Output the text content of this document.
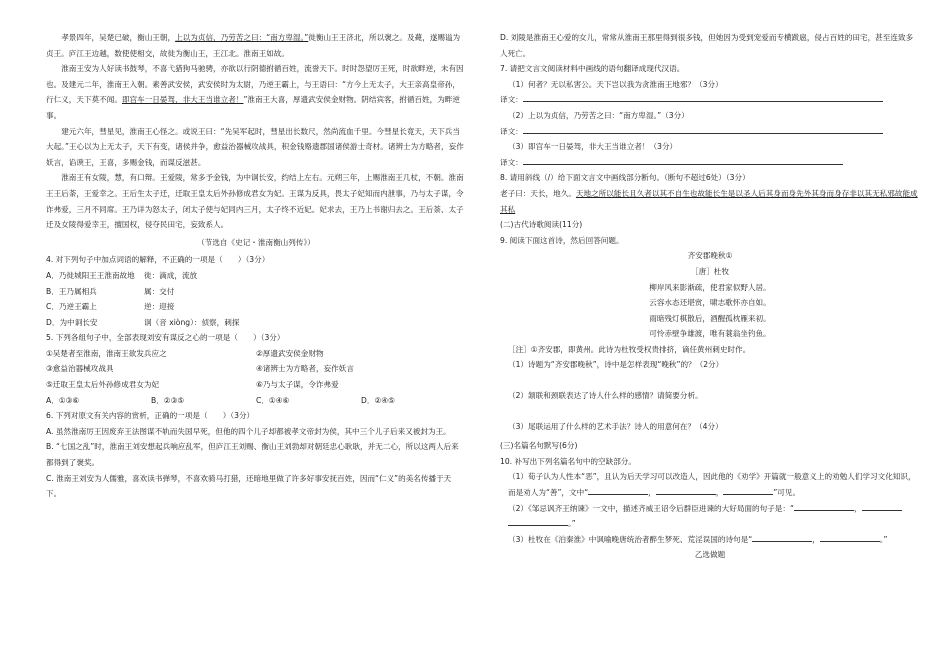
孝景四年，吴楚已破，衡山王朝，上以为贞信，乃劳苦之曰：“南方卑湿。”徙衡山王王济北，所以褒之。及薨，遂赐谥为贞王。庐江王边越，数使使相交，故徙为衡山王，王江北。淮南王如故。

淮南王安为人好读书鼓琴，不喜弋猎狗马驰骋，亦欲以行阴德拊循百姓，流誉天下。时时怨望厉王死，时欲畔逆，未有因也。及建元二年，淮南王入朝。素善武安侯，武安侯时为太尉，乃逆王霸上，与王语曰：“方今上无太子，大王亲高皇帝孙，行仁义，天下莫不闻。即宫车一日晏驾，非大王当谁立者！”淮南王大喜，厚遗武安侯金财物。阴结宾客，拊循百姓，为畔逆事。

建元六年，彗星见，淮南王心怪之。或说王曰：“先吴军起时，彗星出长数尺，然尚流血千里。今彗星长竟天，天下兵当大起。”王心以为上无太子，天下有变，诸侯并争，愈益治器械攻战具，积金钱赂遗郡国诸侯游士奇材。诸辨士为方略者，妄作妖言，谄谀王，王喜，多赐金钱，而谋反滋甚。

淮南王有女陵，慧，有口辩。王爱陵，常多予金钱，为中诇长安，约结上左右。元朔三年，上赐淮南王几杖，不朝。淮南王王后荼，王爱幸之。王后生太子迁，迁取王皇太后外孙修成君女为妃。王谋为反具，畏太子妃知而内泄事，乃与太子谋，令诈弗爱，三月不同席。王乃详为怒太子，闭太子使与妃同内三月，太子终不近妃。妃求去，王乃上书谢归去之。王后荼、太子迁及女陵得爱幸王，擅国权，侵夺民田宅，妄致系人。

（节选自《史记・淮南衡山列传》）

4. 对下列句子中加点词语的解释，不正确的一项是（　　）（3分）

A．乃徙城阳王王淮南故地	徙：滴成，流放
B．王乃属相兵	属：交付
C．乃逆王霸上	逆：迎接
D．为中诇长安	诇（音 xiòng）：侦察，刺探

5. 下列各组句子中，全部表现刘安有谋反之心的一项是（　　）（3分）

①吴楚者至淮南，淮南王欲发兵应之	②厚遗武安侯金财物
③愈益治器械攻战具	④诸辨士为方略者，妄作妖言
⑤迁取王皇太后外孙修成君女为妃	⑥乃与太子谋，令诈弗爱
A．①③⑥	B．②③⑤	C．①④⑥	D．②④⑤

6. 下列对原文有关内容的赏析，正确的一项是（　　）（3分）

A. 虽然淮南厉王因废弃王法图谋不轨而失国早死，但他的四个儿子却都被孝文帝封为侯，其中三个儿子后来又被封为王。

B. “七国之乱”时，淮南王刘安想起兵响应乱军，但庐江王刘赐、衡山王刘勃却对朝廷忠心耿耿，并无二心，所以这两人后来都得到了褒奖。

C. 淮南王刘安为人儒雅，喜欢读书弹琴，不喜欢骑马打猎，还暗地里做了许多好事安抚百姓，因而“仁义”的美名传播于天下。

D. 刘陵是淮南王心爱的女儿，常常从淮南王那里得到很多钱，但她因为受到宠爱而专横跋扈，侵占百姓的田宅，甚至连致多人死亡。

7. 请把文言文阅读材料中画线的语句翻译成现代汉语。

（1）何者？无以私害公。天下岂以我为贪淮南王地邪？（3分）

译文：

（2）上以为贞信，乃劳苦之曰：“南方卑湿。”（3分）

译文：

（3）即宫车一日晏驾，非大王当谁立者！（3分）

译文：

8. 请用斜线（/）给下面文言文中画线部分断句。（断句不超过6处）（3分）

老子曰：天长，地久。天地之所以能长且久者以其不自生也故能长生是以圣人后其身而身先外其身而身存非以其无私邪故能成其私

(二)古代诗歌阅读(11分)

9. 阅读下面这首诗，然后回答问题。

齐安郡晚秋①

［唐］杜牧

柳岸风来影渐疏，使君家似野人居。

云容水态还堪赏，啸志歌怀亦自如。

雨暗残灯棋散后，酒醒孤枕雁来初。

可怜赤壁争雄渡，唯有蓑翁坐钓鱼。

［注］①齐安郡，即黄州。此诗为杜牧受权贵排挤，谪任黄州刺史时作。

（1）诗题为“齐安郡晚秋”，诗中是怎样表现“晚秋”的？（2分）

（2）颔联和颈联表达了诗人什么样的感情？请简要分析。

（3）尾联运用了什么样的艺术手法？诗人的用意何在？（4分）

(三)名篇名句默写(6分)

10. 补写出下列名篇名句中的空缺部分。

（1）荀子认为人性本“恶”，且认为后天学习可以改造人，因此他的《劝学》开篇就一般意义上的劝勉人们学习文化知识，而是劝人为“善”，文中“	，	，	”可见。

（2）《邹忌讽齐王纳谏》一文中，描述齐威王诏令后群臣进谏的大好局面的句子是：“	， 。”

（3）杜牧在《泊秦淮》中讽喻晚唐统治者醉生梦死、荒淫误国的诗句是“	，	。”

乙选做题
